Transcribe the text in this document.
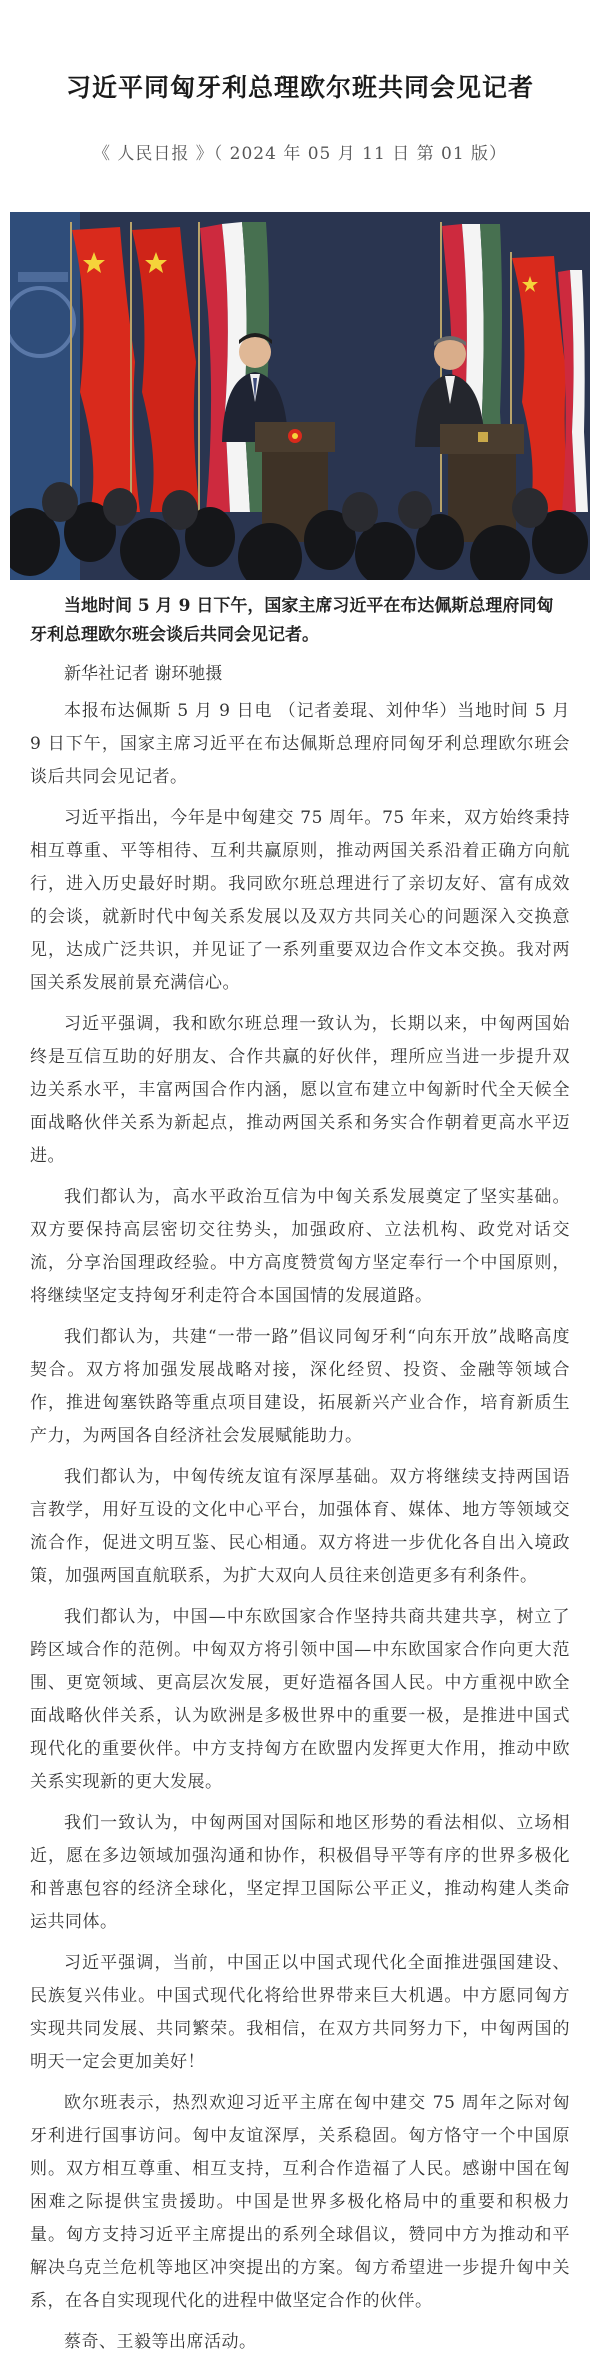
习近平同匈牙利总理欧尔班共同会见记者
《 人民日报 》（ 2024 年 05 月 11 日 第 01 版）
当地时间 5 月 9 日下午，国家主席习近平在布达佩斯总理府同匈牙利总理欧尔班会谈后共同会见记者。
新华社记者 谢环驰摄

本报布达佩斯 5 月 9 日电 （记者姜琨、刘仲华）当地时间 5 月 9 日下午，国家主席习近平在布达佩斯总理府同匈牙利总理欧尔班会谈后共同会见记者。

习近平指出，今年是中匈建交 75 周年。75 年来，双方始终秉持相互尊重、平等相待、互利共赢原则，推动两国关系沿着正确方向航行，进入历史最好时期。我同欧尔班总理进行了亲切友好、富有成效的会谈，就新时代中匈关系发展以及双方共同关心的问题深入交换意见，达成广泛共识，并见证了一系列重要双边合作文本交换。我对两国关系发展前景充满信心。

习近平强调，我和欧尔班总理一致认为，长期以来，中匈两国始终是互信互助的好朋友、合作共赢的好伙伴，理所应当进一步提升双边关系水平，丰富两国合作内涵，愿以宣布建立中匈新时代全天候全面战略伙伴关系为新起点，推动两国关系和务实合作朝着更高水平迈进。

我们都认为，高水平政治互信为中匈关系发展奠定了坚实基础。双方要保持高层密切交往势头，加强政府、立法机构、政党对话交流，分享治国理政经验。中方高度赞赏匈方坚定奉行一个中国原则，将继续坚定支持匈牙利走符合本国国情的发展道路。

我们都认为，共建“一带一路”倡议同匈牙利“向东开放”战略高度契合。双方将加强发展战略对接，深化经贸、投资、金融等领域合作，推进匈塞铁路等重点项目建设，拓展新兴产业合作，培育新质生产力，为两国各自经济社会发展赋能助力。

我们都认为，中匈传统友谊有深厚基础。双方将继续支持两国语言教学，用好互设的文化中心平台，加强体育、媒体、地方等领域交流合作，促进文明互鉴、民心相通。双方将进一步优化各自出入境政策，加强两国直航联系，为扩大双向人员往来创造更多有利条件。

我们都认为，中国—中东欧国家合作坚持共商共建共享，树立了跨区域合作的范例。中匈双方将引领中国—中东欧国家合作向更大范围、更宽领域、更高层次发展，更好造福各国人民。中方重视中欧全面战略伙伴关系，认为欧洲是多极世界中的重要一极，是推进中国式现代化的重要伙伴。中方支持匈方在欧盟内发挥更大作用，推动中欧关系实现新的更大发展。

我们一致认为，中匈两国对国际和地区形势的看法相似、立场相近，愿在多边领域加强沟通和协作，积极倡导平等有序的世界多极化和普惠包容的经济全球化，坚定捍卫国际公平正义，推动构建人类命运共同体。

习近平强调，当前，中国正以中国式现代化全面推进强国建设、民族复兴伟业。中国式现代化将给世界带来巨大机遇。中方愿同匈方实现共同发展、共同繁荣。我相信，在双方共同努力下，中匈两国的明天一定会更加美好！

欧尔班表示，热烈欢迎习近平主席在匈中建交 75 周年之际对匈牙利进行国事访问。匈中友谊深厚，关系稳固。匈方恪守一个中国原则。双方相互尊重、相互支持，互利合作造福了人民。感谢中国在匈困难之际提供宝贵援助。中国是世界多极化格局中的重要和积极力量。匈方支持习近平主席提出的系列全球倡议，赞同中方为推动和平解决乌克兰危机等地区冲突提出的方案。匈方希望进一步提升匈中关系，在各自实现现代化的进程中做坚定合作的伙伴。

蔡奇、王毅等出席活动。
